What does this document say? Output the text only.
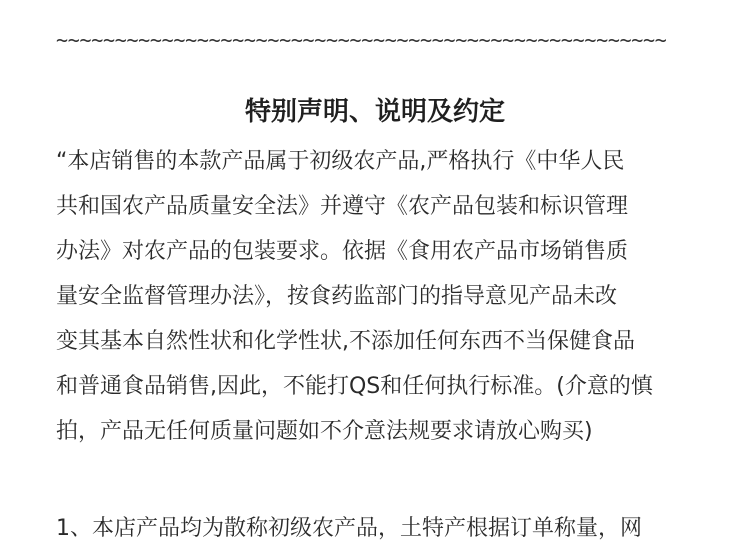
~~~~~~~~~~~~~~~~~~~~~~~~~~~~~~~~~~~~~~~~~~~~~~~~~~~~
特别声明、说明及约定
“本店销售的本款产品属于初级农产品,严格执行《中华人民
共和国农产品质量安全法》并遵守《农产品包装和标识管理
办法》对农产品的包装要求。依据《食用农产品市场销售质
量安全监督管理办法》，按食药监部门的指导意见产品未改
变其基本自然性状和化学性状,不添加任何东西不当保健食品
和普通食品销售,因此，不能打QS和任何执行标准。(介意的慎
拍，产品无任何质量问题如不介意法规要求请放心购买)
1、本店产品均为散称初级农产品，土特产根据订单称量，网
